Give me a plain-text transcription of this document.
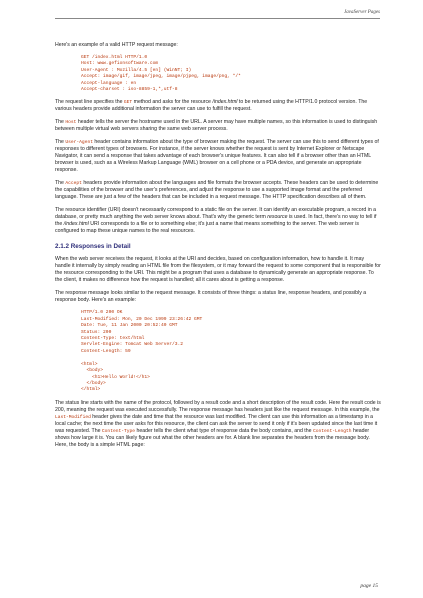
JavaServer Pages

Here's an example of a valid HTTP request message:

GET /index.html HTTP/1.0
Host: www.gefionsoftware.com
User-Agent : Mozilla/4.5 [en] (WinNT; I)
Accept: image/gif, image/jpeg, image/pjpeg, image/png, */*
Accept-language : en
Accept-charset : iso-8859-1,*,utf-8

The request line specifies the GET method and asks for the resource /index.html to be returned using the HTTP/1.0 protocol version. The various headers provide additional information the server can use to fulfill the request.

The Host header tells the server the hostname used in the URL. A server may have multiple names, so this information is used to distinguish between multiple virtual web servers sharing the same web server process.

The User-Agent header contains information about the type of browser making the request. The server can use this to send different types of responses to different types of browsers. For instance, if the server knows whether the request is sent by Internet Explorer or Netscape Navigator, it can send a response that takes advantage of each browser's unique features. It can also tell if a browser other than an HTML browser is used, such as a Wireless Markup Language (WML) browser on a cell phone or a PDA device, and generate an appropriate response.

The Accept headers provide information about the languages and file formats the browser accepts. These headers can be used to determine the capabilities of the browser and the user's preferences, and adjust the response to use a supported image format and the preferred language. These are just a few of the headers that can be included in a request message. The HTTP specification describes all of them.

The resource identifier (URI) doesn't necessarily correspond to a static file on the server. It can identify an executable program, a record in a database, or pretty much anything the web server knows about. That's why the generic term resource is used. In fact, there's no way to tell if the /index.html URI corresponds to a file or to something else; it's just a name that means something to the server. The web server is configured to map these unique names to the real resources.

2.1.2 Responses in Detail

When the web server receives the request, it looks at the URI and decides, based on configuration information, how to handle it. It may handle it internally by simply reading an HTML file from the filesystem, or it may forward the request to some component that is responsible for the resource corresponding to the URI. This might be a program that uses a database to dynamically generate an appropriate response. To the client, it makes no difference how the request is handled; all it cares about is getting a response.

The response message looks similar to the request message. It consists of three things: a status line, response headers, and possibly a response body. Here's an example:

HTTP/1.0 200 OK
Last-Modified: Mon, 20 Dec 1999 23:26:42 GMT
Date: Tue, 11 Jan 2000 20:52:40 GMT
Status: 200
Content-Type: text/html
Servlet-Engine: Tomcat Web Server/3.2
Content-Length: 59

<html>
<body>
<h1>Hello World!</h1>
</body>
</html>

The status line starts with the name of the protocol, followed by a result code and a short description of the result code. Here the result code is 200, meaning the request was executed successfully. The response message has headers just like the request message. In this example, the Last-Modified header gives the date and time that the resource was last modified. The client can use this information as a timestamp in a local cache; the next time the user asks for this resource, the client can ask the server to send it only if it's been updated since the last time it was requested. The Content-Type header tells the client what type of response data the body contains, and the Content-Length header shows how large it is. You can likely figure out what the other headers are for. A blank line separates the headers from the message body. Here, the body is a simple HTML page:

page 15
